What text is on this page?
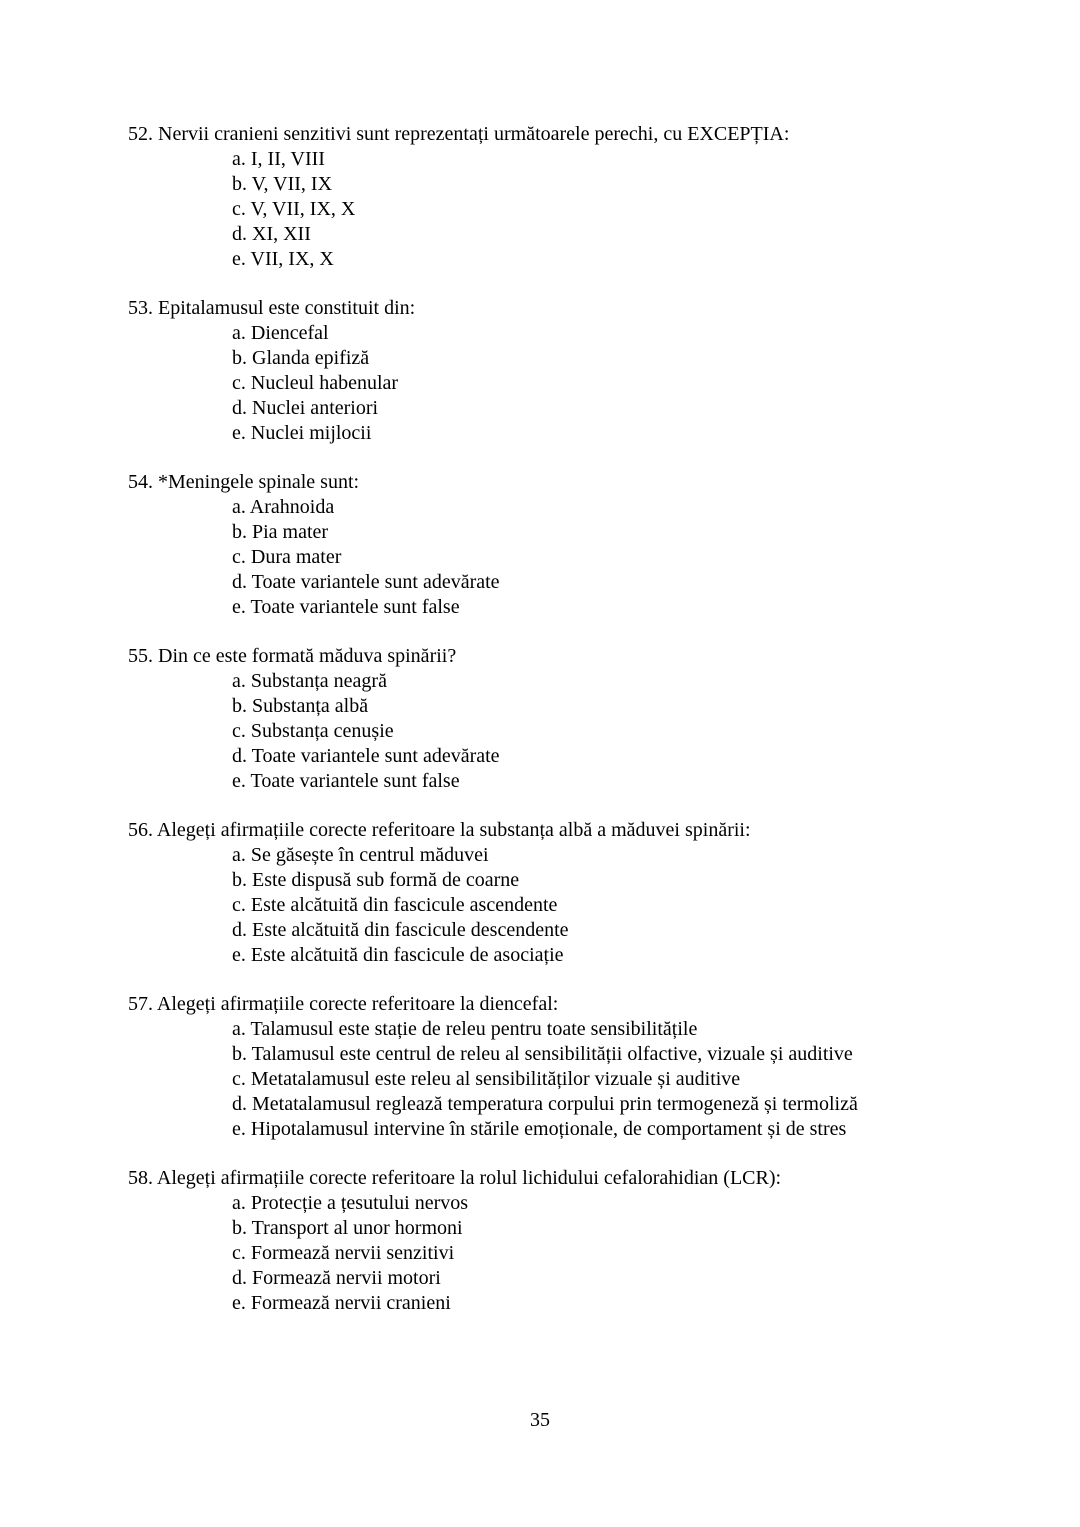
52. Nervii cranieni senzitivi sunt reprezentați următoarele perechi, cu EXCEPȚIA:
a. I, II, VIII
b. V, VII, IX
c. V, VII, IX, X
d. XI, XII
e. VII, IX, X
53. Epitalamusul este constituit din:
a. Diencefal
b. Glanda epifiză
c. Nucleul habenular
d. Nuclei anteriori
e. Nuclei mijlocii
54. *Meningele spinale sunt:
a. Arahnoida
b. Pia mater
c. Dura mater
d. Toate variantele sunt adevărate
e. Toate variantele sunt false
55. Din ce este formată măduva spinării?
a. Substanța neagră
b. Substanța albă
c. Substanța cenușie
d. Toate variantele sunt adevărate
e. Toate variantele sunt false
56. Alegeți afirmațiile corecte referitoare la substanța albă a măduvei spinării:
a. Se găsește în centrul măduvei
b. Este dispusă sub formă de coarne
c. Este alcătuită din fascicule ascendente
d. Este alcătuită din fascicule descendente
e. Este alcătuită din fascicule de asociație
57. Alegeți afirmațiile corecte referitoare la diencefal:
a. Talamusul este stație de releu pentru toate sensibilitățile
b. Talamusul este centrul de releu al sensibilității olfactive, vizuale și auditive
c. Metatalamusul este releu al sensibilităților vizuale și auditive
d. Metatalamusul reglează temperatura corpului prin termogeneză și termoliză
e. Hipotalamusul intervine în stările emoționale, de comportament și de stres
58. Alegeți afirmațiile corecte referitoare la rolul lichidului cefalorahidian (LCR):
a. Protecție a țesutului nervos
b. Transport al unor hormoni
c. Formează nervii senzitivi
d. Formează nervii motori
e. Formează nervii cranieni
35
